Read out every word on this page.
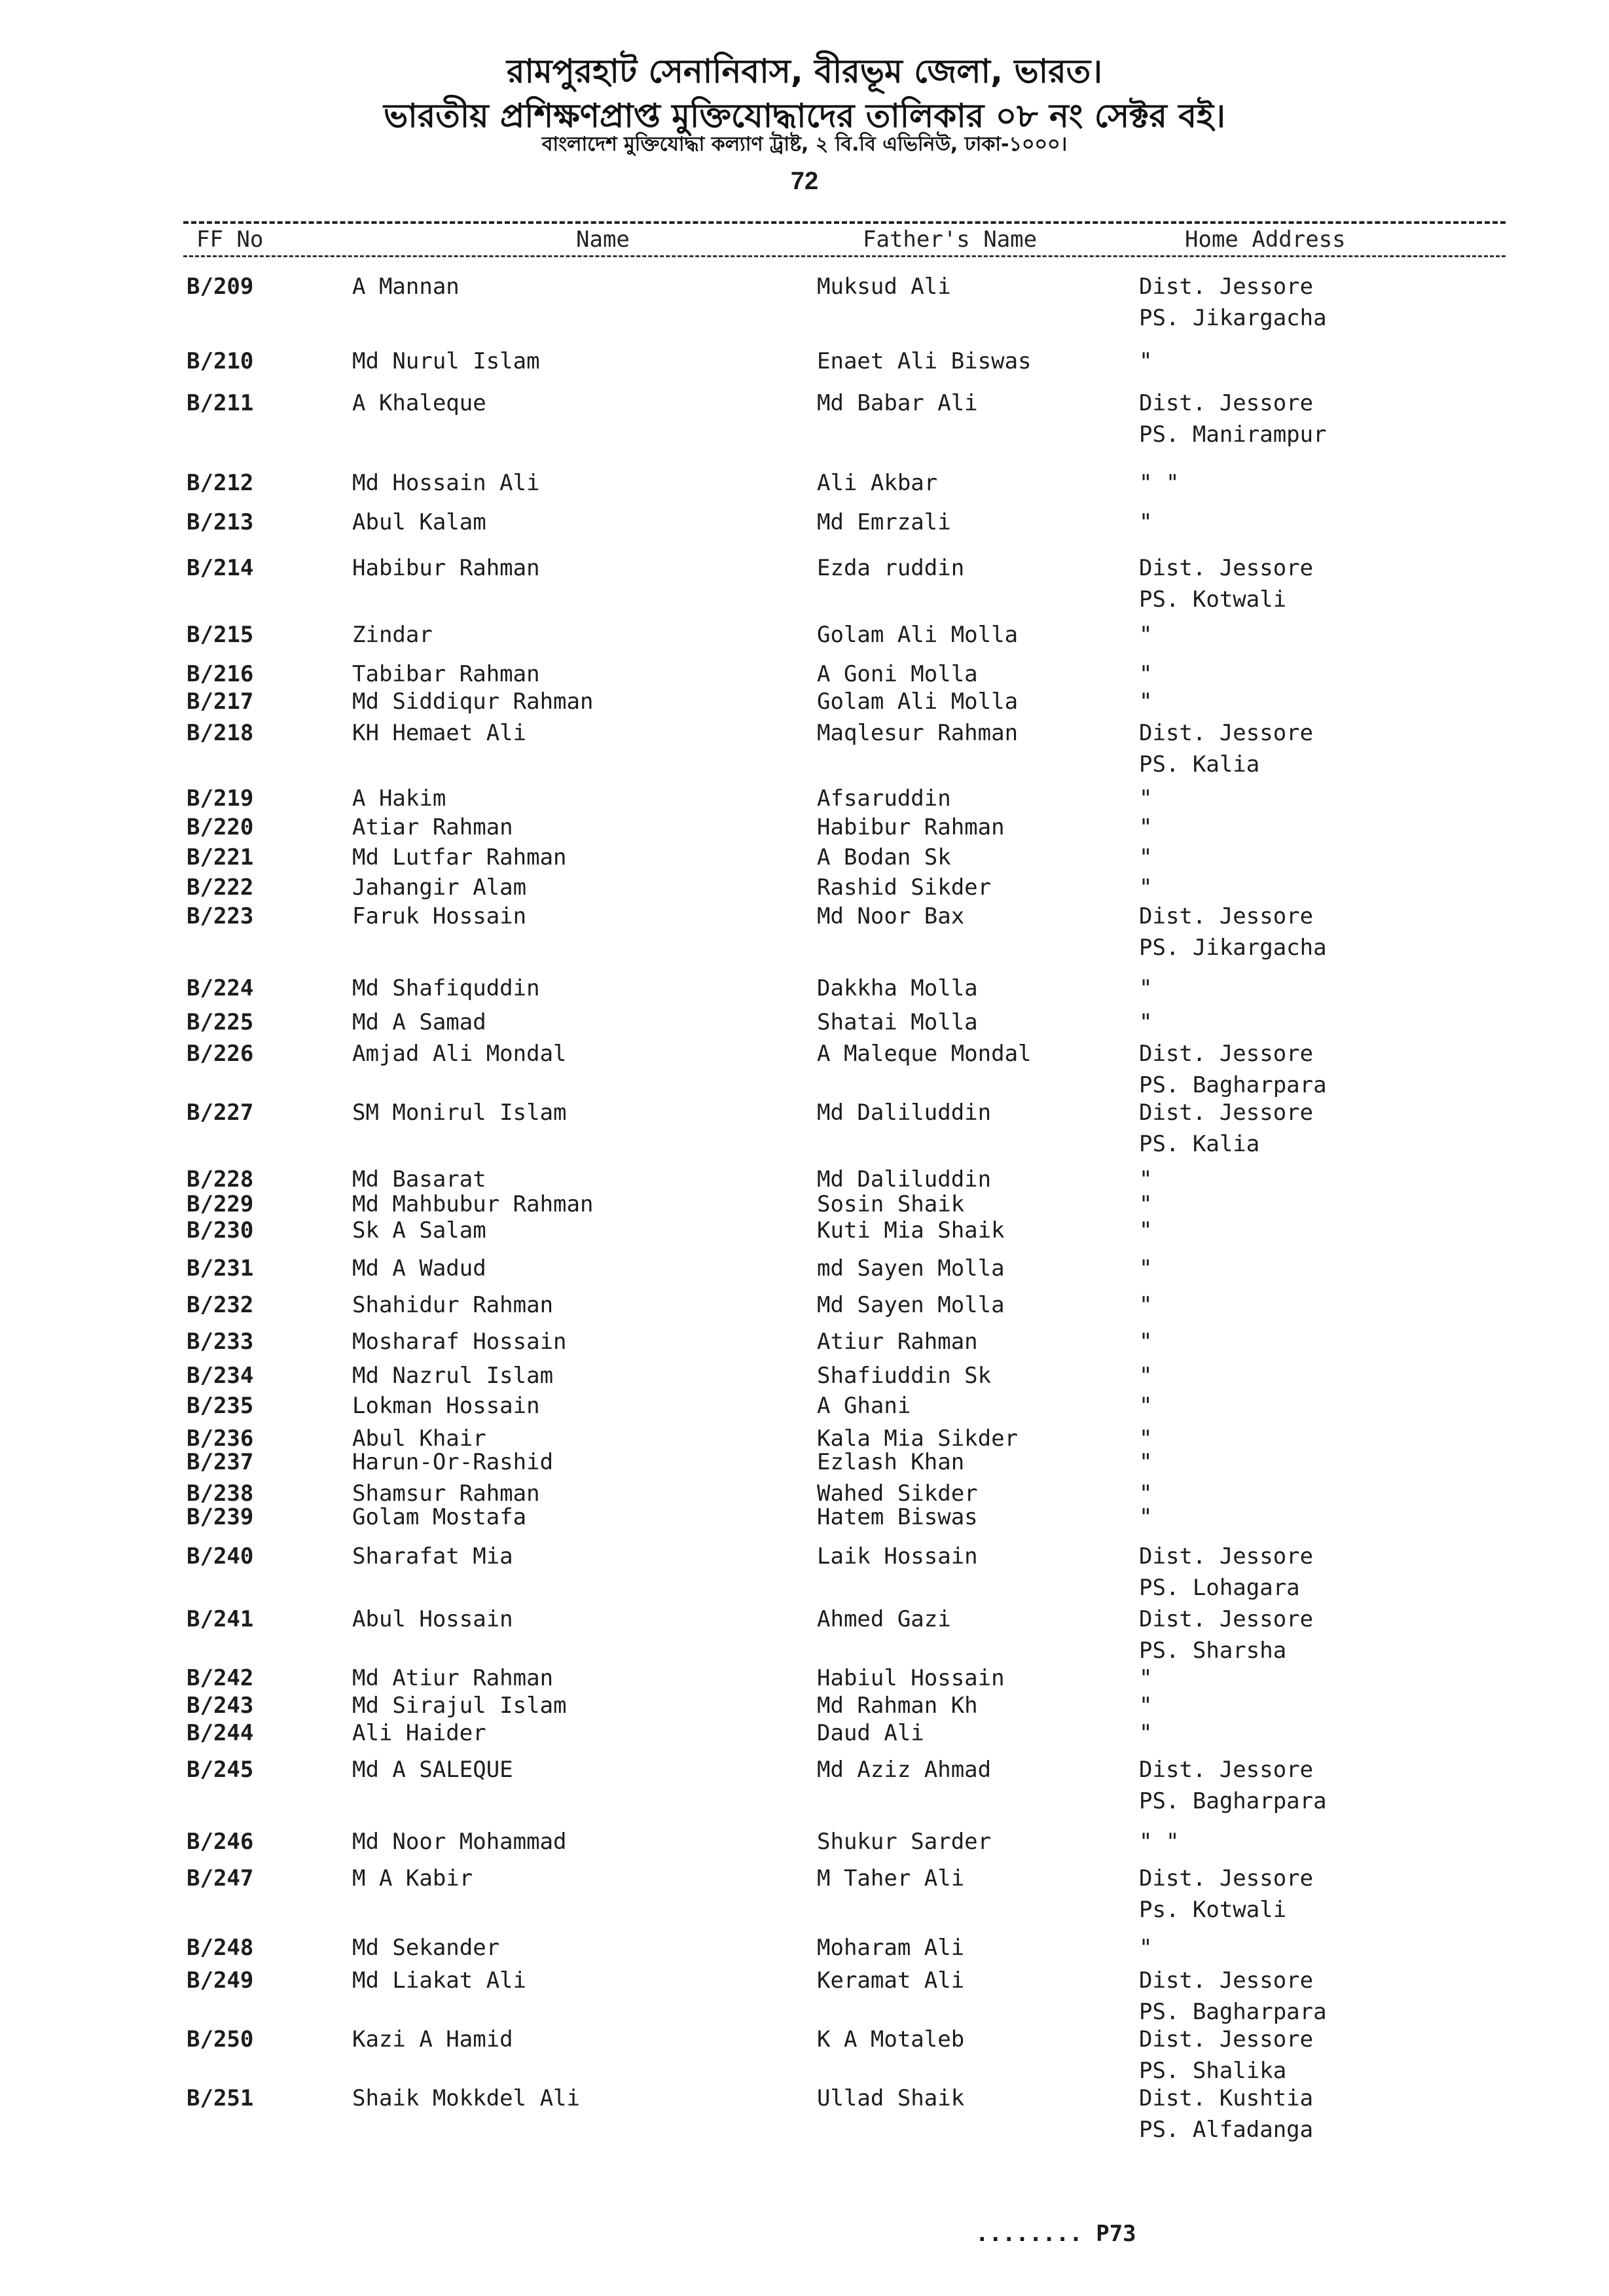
রামপুরহাট সেনানিবাস, বীরভূম জেলা, ভারত।
ভারতীয় প্রশিক্ষণপ্রাপ্ত মুক্তিযোদ্ধাদের তালিকার ০৮ নং সেক্টর বই।
বাংলাদেশ মুক্তিযোদ্ধা কল্যাণ ট্রাষ্ট, ২ বি.বি এভিনিউ, ঢাকা-১০০০।
72
FF No	Name	Father's Name	Home Address
B/209	A Mannan	Muksud Ali	Dist. Jessore
PS. Jikargacha
B/210	Md Nurul Islam	Enaet Ali Biswas	"
B/211	A Khaleque	Md Babar Ali	Dist. Jessore
PS. Manirampur
B/212	Md Hossain Ali	Ali Akbar	" "
B/213	Abul Kalam	Md Emrzali	"
B/214	Habibur Rahman	Ezda ruddin	Dist. Jessore
PS. Kotwali
B/215	Zindar	Golam Ali Molla	"
B/216	Tabibar Rahman	A Goni Molla	"
B/217	Md Siddiqur Rahman	Golam Ali Molla	"
B/218	KH Hemaet Ali	Maqlesur Rahman	Dist. Jessore
PS. Kalia
B/219	A Hakim	Afsaruddin	"
B/220	Atiar Rahman	Habibur Rahman	"
B/221	Md Lutfar Rahman	A Bodan Sk	"
B/222	Jahangir Alam	Rashid Sikder	"
B/223	Faruk Hossain	Md Noor Bax	Dist. Jessore
PS. Jikargacha
B/224	Md Shafiquddin	Dakkha Molla	"
B/225	Md A Samad	Shatai Molla	"
B/226	Amjad Ali Mondal	A Maleque Mondal	Dist. Jessore
PS. Bagharpara
B/227	SM Monirul Islam	Md Daliluddin	Dist. Jessore
PS. Kalia
B/228	Md Basarat	Md Daliluddin	"
B/229	Md Mahbubur Rahman	Sosin Shaik	"
B/230	Sk A Salam	Kuti Mia Shaik	"
B/231	Md A Wadud	md Sayen Molla	"
B/232	Shahidur Rahman	Md Sayen Molla	"
B/233	Mosharaf Hossain	Atiur Rahman	"
B/234	Md Nazrul Islam	Shafiuddin Sk	"
B/235	Lokman Hossain	A Ghani	"
B/236	Abul Khair	Kala Mia Sikder	"
B/237	Harun-Or-Rashid	Ezlash Khan	"
B/238	Shamsur Rahman	Wahed Sikder	"
B/239	Golam Mostafa	Hatem Biswas	"
B/240	Sharafat Mia	Laik Hossain	Dist. Jessore
PS. Lohagara
B/241	Abul Hossain	Ahmed Gazi	Dist. Jessore
PS. Sharsha
B/242	Md Atiur Rahman	Habiul Hossain	"
B/243	Md Sirajul Islam	Md Rahman Kh	"
B/244	Ali Haider	Daud Ali	"
B/245	Md A SALEQUE	Md Aziz Ahmad	Dist. Jessore
PS. Bagharpara
B/246	Md Noor Mohammad	Shukur Sarder	" "
B/247	M A Kabir	M Taher Ali	Dist. Jessore
Ps. Kotwali
B/248	Md Sekander	Moharam Ali	"
B/249	Md Liakat Ali	Keramat Ali	Dist. Jessore
PS. Bagharpara
B/250	Kazi A Hamid	K A Motaleb	Dist. Jessore
PS. Shalika
B/251	Shaik Mokkdel Ali	Ullad Shaik	Dist. Kushtia
PS. Alfadanga
........ P73
